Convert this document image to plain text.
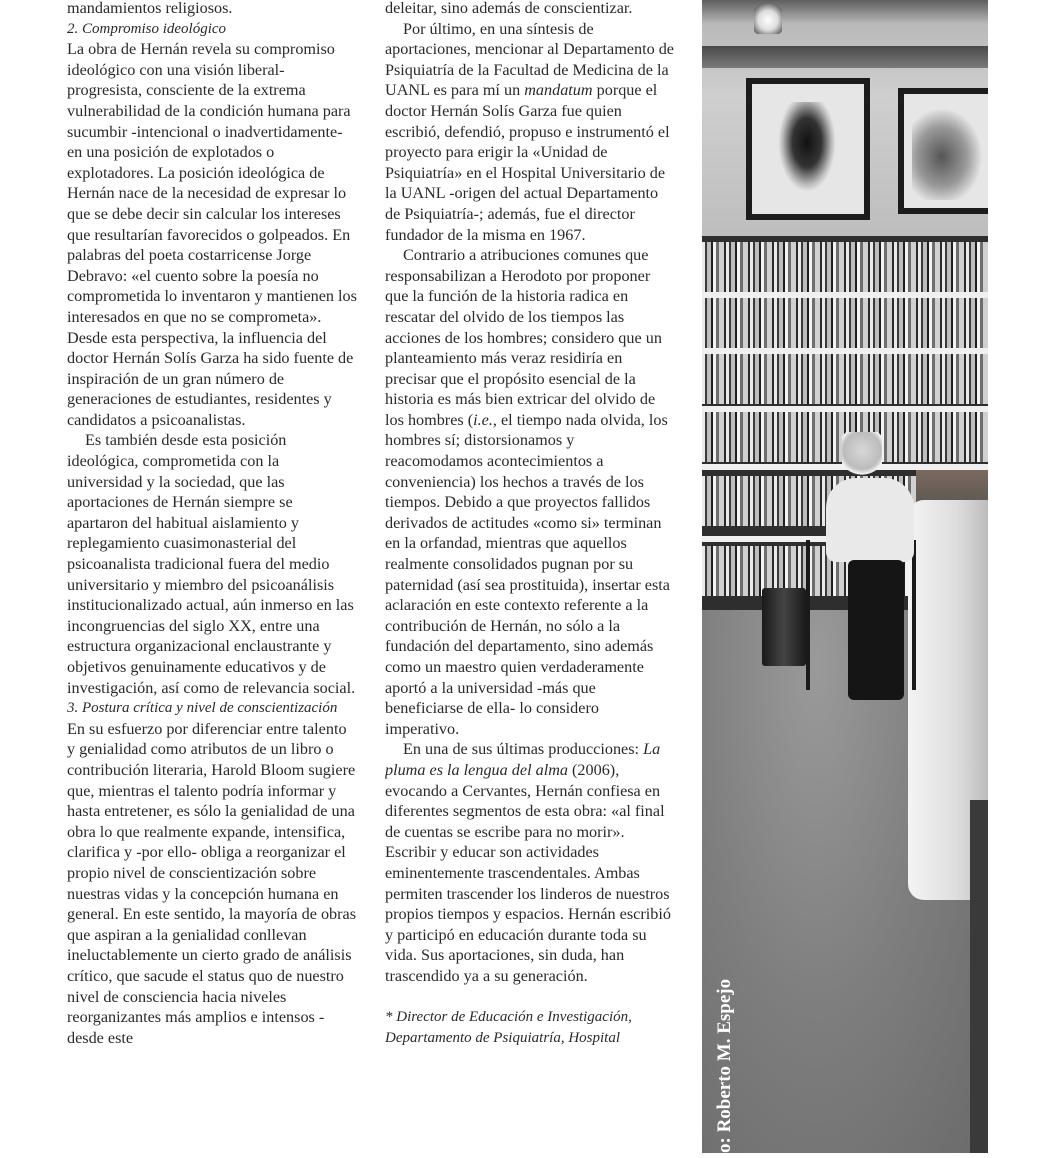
mandamientos religiosos.

2. Compromiso ideológico

La obra de Hernán revela su compromiso ideológico con una visión liberal-progresista, consciente de la extrema vulnerabilidad de la condición humana para sucumbir -intencional o inadvertidamente- en una posición de explotados o explotadores. La posición ideológica de Hernán nace de la necesidad de expresar lo que se debe decir sin calcular los intereses que resultarían favorecidos o golpeados. En palabras del poeta costarricense Jorge Debravo: «el cuento sobre la poesía no comprometida lo inventaron y mantienen los interesados en que no se comprometa». Desde esta perspectiva, la influencia del doctor Hernán Solís Garza ha sido fuente de inspiración de un gran número de generaciones de estudiantes, residentes y candidatos a psicoanalistas.

Es también desde esta posición ideológica, comprometida con la universidad y la sociedad, que las aportaciones de Hernán siempre se apartaron del habitual aislamiento y replegamiento cuasimonasterial del psicoanalista tradicional fuera del medio universitario y miembro del psicoanálisis institucionalizado actual, aún inmerso en las incongruencias del siglo XX, entre una estructura organizacional enclaustrante y objetivos genuinamente educativos y de investigación, así como de relevancia social.

3. Postura crítica y nivel de conscientización

En su esfuerzo por diferenciar entre talento y genialidad como atributos de un libro o contribución literaria, Harold Bloom sugiere que, mientras el talento podría informar y hasta entretener, es sólo la genialidad de una obra lo que realmente expande, intensifica, clarifica y -por ello- obliga a reorganizar el propio nivel de conscientización sobre nuestras vidas y la concepción humana en general. En este sentido, la mayoría de obras que aspiran a la genialidad conllevan ineluctablemente un cierto grado de análisis crítico, que sacude el status quo de nuestro nivel de consciencia hacia niveles reorganizantes más amplios e intensos -desde este

deleitar, sino además de conscientizar.

Por último, en una síntesis de aportaciones, mencionar al Departamento de Psiquiatría de la Facultad de Medicina de la UANL es para mí un mandatum porque el doctor Hernán Solís Garza fue quien escribió, defendió, propuso e instrumentó el proyecto para erigir la «Unidad de Psiquiatría» en el Hospital Universitario de la UANL -origen del actual Departamento de Psiquiatría-; además, fue el director fundador de la misma en 1967.

Contrario a atribuciones comunes que responsabilizan a Herodoto por proponer que la función de la historia radica en rescatar del olvido de los tiempos las acciones de los hombres; considero que un planteamiento más veraz residiría en precisar que el propósito esencial de la historia es más bien extricar del olvido de los hombres (i.e., el tiempo nada olvida, los hombres sí; distorsionamos y reacomodamos acontecimientos a conveniencia) los hechos a través de los tiempos. Debido a que proyectos fallidos derivados de actitudes «como si» terminan en la orfandad, mientras que aquellos realmente consolidados pugnan por su paternidad (así sea prostituida), insertar esta aclaración en este contexto referente a la contribución de Hernán, no sólo a la fundación del departamento, sino además como un maestro quien verdaderamente aportó a la universidad -más que beneficiarse de ella- lo considero imperativo.

En una de sus últimas producciones: La pluma es la lengua del alma (2006), evocando a Cervantes, Hernán confiesa en diferentes segmentos de esta obra: «al final de cuentas se escribe para no morir». Escribir y educar son actividades eminentemente trascendentales. Ambas permiten trascender los linderos de nuestros propios tiempos y espacios. Hernán escribió y participó en educación durante toda su vida. Sus aportaciones, sin duda, han trascendido ya a su generación.

* Director de Educación e Investigación, Departamento de Psiquiatría, Hospital	o: Roberto M. Espejo
